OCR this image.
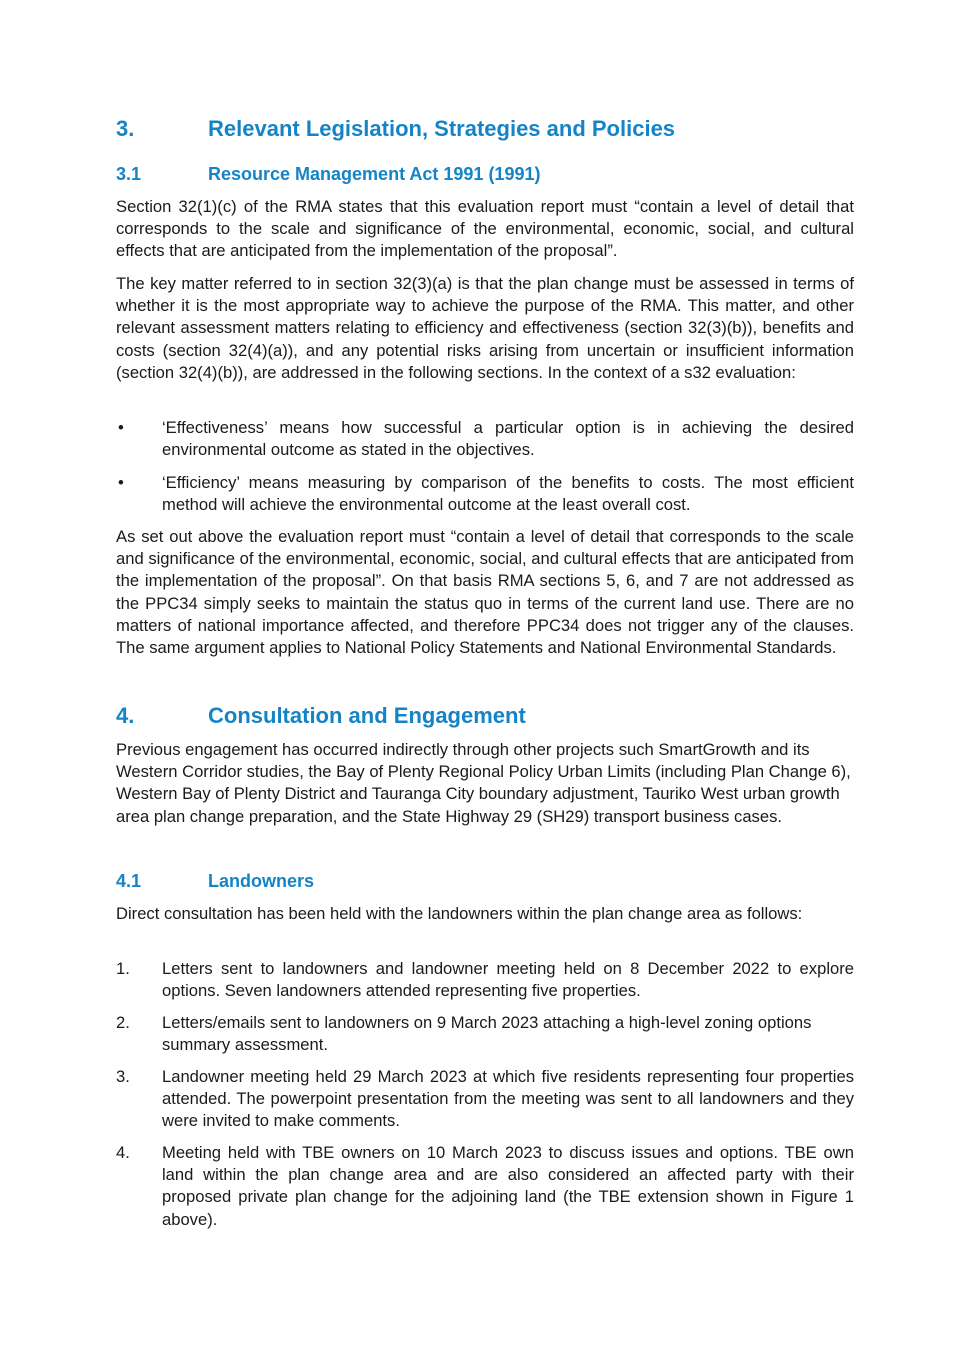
3.	Relevant Legislation, Strategies and Policies
3.1	Resource Management Act 1991 (1991)
Section 32(1)(c) of the RMA states that this evaluation report must “contain a level of detail that corresponds to the scale and significance of the environmental, economic, social, and cultural effects that are anticipated from the implementation of the proposal”.
The key matter referred to in section 32(3)(a) is that the plan change must be assessed in terms of whether it is the most appropriate way to achieve the purpose of the RMA. This matter, and other relevant assessment matters relating to efficiency and effectiveness (section 32(3)(b)), benefits and costs (section 32(4)(a)), and any potential risks arising from uncertain or insufficient information (section 32(4)(b)), are addressed in the following sections. In the context of a s32 evaluation:
• ‘Effectiveness’ means how successful a particular option is in achieving the desired environmental outcome as stated in the objectives.
• ‘Efficiency’ means measuring by comparison of the benefits to costs. The most efficient method will achieve the environmental outcome at the least overall cost.
As set out above the evaluation report must “contain a level of detail that corresponds to the scale and significance of the environmental, economic, social, and cultural effects that are anticipated from the implementation of the proposal”. On that basis RMA sections 5, 6, and 7 are not addressed as the PPC34 simply seeks to maintain the status quo in terms of the current land use. There are no matters of national importance affected, and therefore PPC34 does not trigger any of the clauses. The same argument applies to National Policy Statements and National Environmental Standards.
4.	Consultation and Engagement
Previous engagement has occurred indirectly through other projects such SmartGrowth and its Western Corridor studies, the Bay of Plenty Regional Policy Urban Limits (including Plan Change 6), Western Bay of Plenty District and Tauranga City boundary adjustment, Tauriko West urban growth area plan change preparation, and the State Highway 29 (SH29) transport business cases.
4.1	Landowners
Direct consultation has been held with the landowners within the plan change area as follows:
1. Letters sent to landowners and landowner meeting held on 8 December 2022 to explore options. Seven landowners attended representing five properties.
2. Letters/emails sent to landowners on 9 March 2023 attaching a high-level zoning options summary assessment.
3. Landowner meeting held 29 March 2023 at which five residents representing four properties attended. The powerpoint presentation from the meeting was sent to all landowners and they were invited to make comments.
4. Meeting held with TBE owners on 10 March 2023 to discuss issues and options. TBE own land within the plan change area and are also considered an affected party with their proposed private plan change for the adjoining land (the TBE extension shown in Figure 1 above).
